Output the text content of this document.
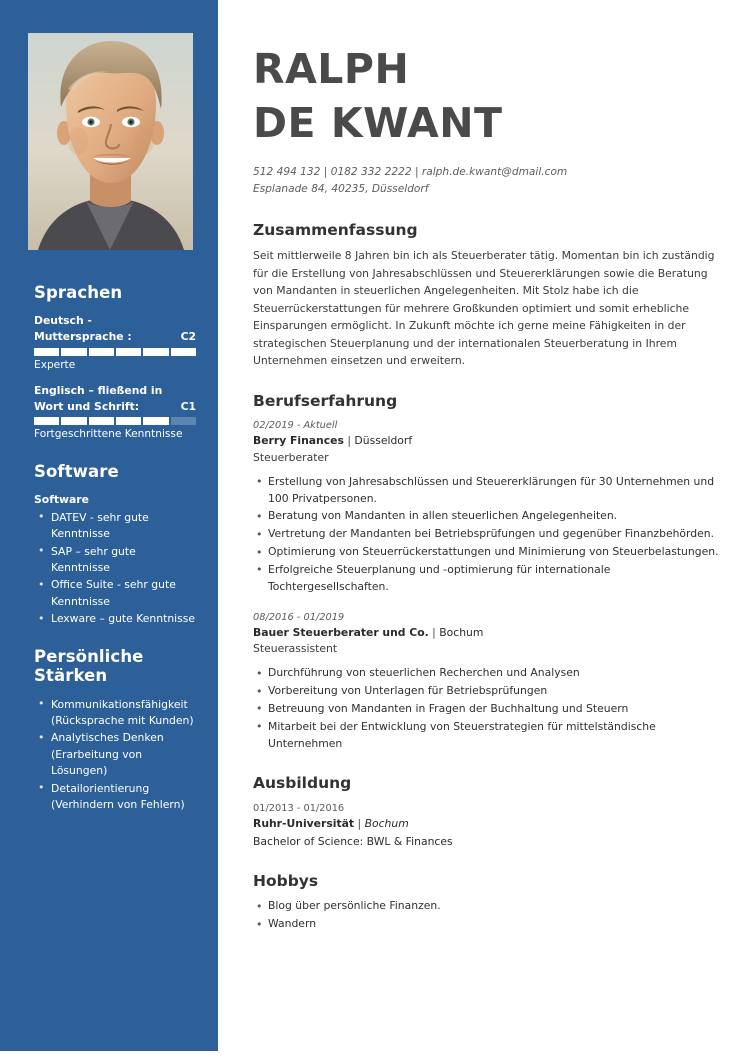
Sprachen
Deutsch - Muttersprache :	C2
Experte
Englisch – fließend in Wort und Schrift:	C1
Fortgeschrittene Kenntnisse
Software
Software
• DATEV - sehr gute Kenntnisse
• SAP – sehr gute Kenntnisse
• Office Suite - sehr gute Kenntnisse
• Lexware – gute Kenntnisse
Persönliche Stärken
• Kommunikationsfähigkeit (Rücksprache mit Kunden)
• Analytisches Denken (Erarbeitung von Lösungen)
• Detailorientierung (Verhindern von Fehlern)
RALPH
DE KWANT
512 494 132 | 0182 332 2222 | ralph.de.kwant@dmail.com
Esplanade 84, 40235, Düsseldorf
Zusammenfassung

Seit mittlerweile 8 Jahren bin ich als Steuerberater tätig. Momentan bin ich zuständig für die Erstellung von Jahresabschlüssen und Steuererklärungen sowie die Beratung von Mandanten in steuerlichen Angelegenheiten. Mit Stolz habe ich die Steuerrückerstattungen für mehrere Großkunden optimiert und somit erhebliche Einsparungen ermöglicht. In Zukunft möchte ich gerne meine Fähigkeiten in der strategischen Steuerplanung und der internationalen Steuerberatung in Ihrem Unternehmen einsetzen und erweitern.

Berufserfahrung
02/2019 - Aktuell
Berry Finances | Düsseldorf
Steuerberater
• Erstellung von Jahresabschlüssen und Steuererklärungen für 30 Unternehmen und 100 Privatpersonen.
• Beratung von Mandanten in allen steuerlichen Angelegenheiten.
• Vertretung der Mandanten bei Betriebsprüfungen und gegenüber Finanzbehörden.
• Optimierung von Steuerrückerstattungen und Minimierung von Steuerbelastungen.
• Erfolgreiche Steuerplanung und -optimierung für internationale Tochtergesellschaften.
08/2016 - 01/2019
Bauer Steuerberater und Co. | Bochum
Steuerassistent
• Durchführung von steuerlichen Recherchen und Analysen
• Vorbereitung von Unterlagen für Betriebsprüfungen
• Betreuung von Mandanten in Fragen der Buchhaltung und Steuern
• Mitarbeit bei der Entwicklung von Steuerstrategien für mittelständische Unternehmen
Ausbildung
01/2013 - 01/2016
Ruhr-Universität | Bochum
Bachelor of Science: BWL & Finances
Hobbys
• Blog über persönliche Finanzen.
• Wandern
